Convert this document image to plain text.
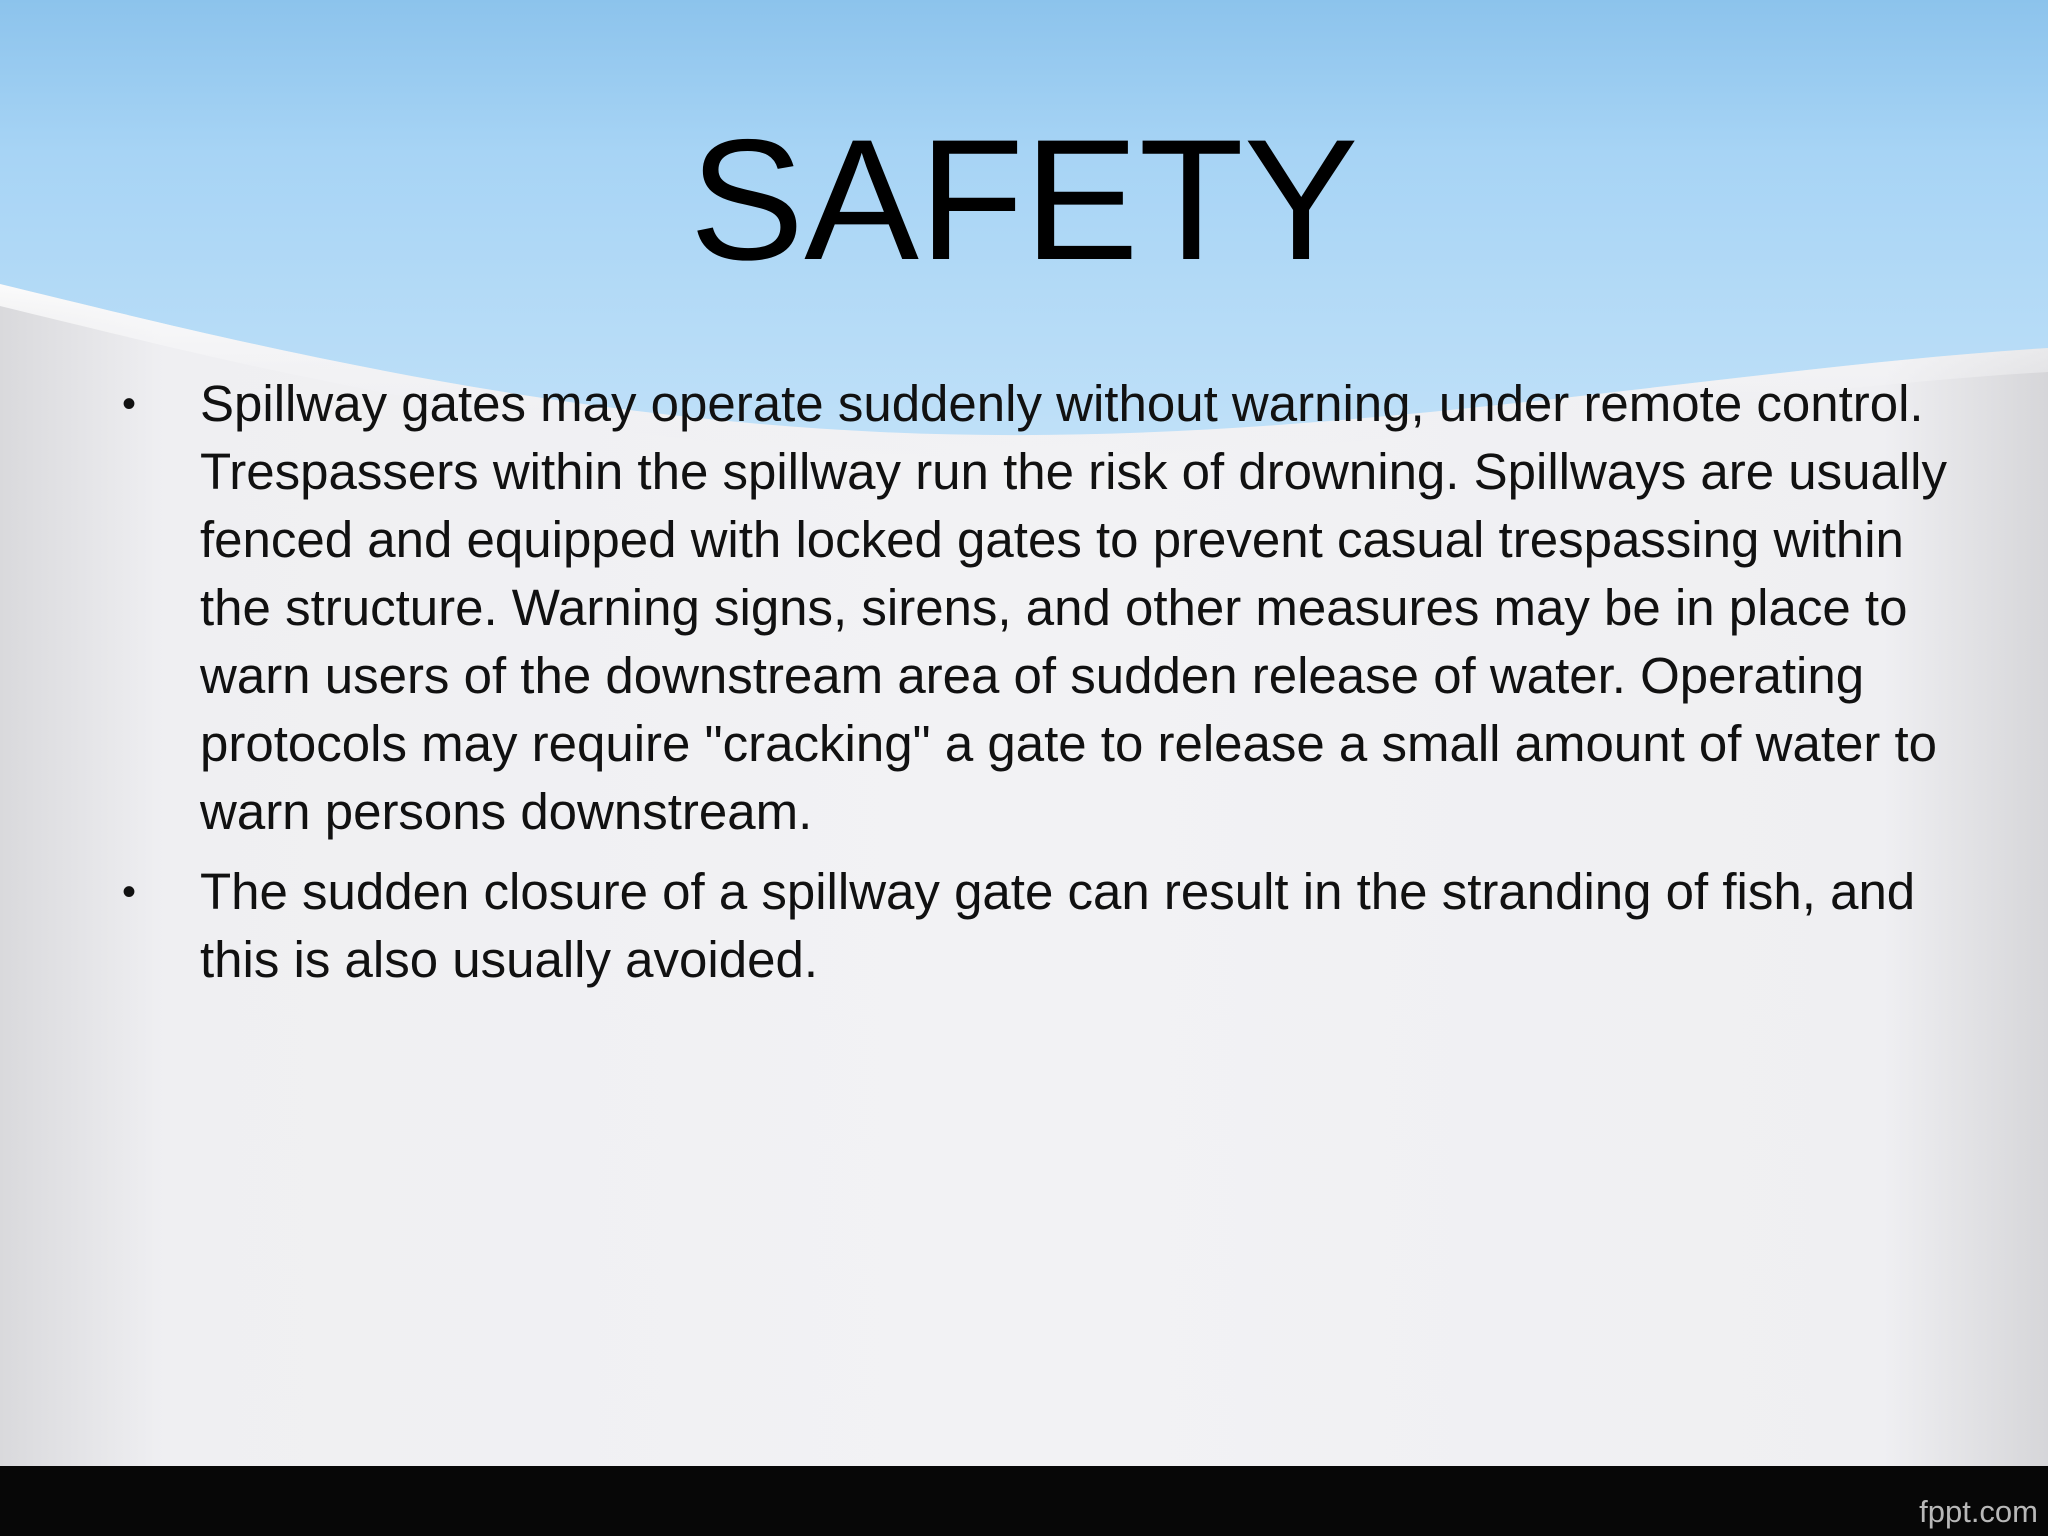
SAFETY
•	Spillway gates may operate suddenly without warning, under remote control. Trespassers within the spillway run the risk of drowning. Spillways are usually fenced and equipped with locked gates to prevent casual trespassing within the structure. Warning signs, sirens, and other measures may be in place to warn users of the downstream area of sudden release of water. Operating protocols may require "cracking" a gate to release a small amount of water to warn persons downstream.
•	The sudden closure of a spillway gate can result in the stranding of fish, and this is also usually avoided.
fppt.com
